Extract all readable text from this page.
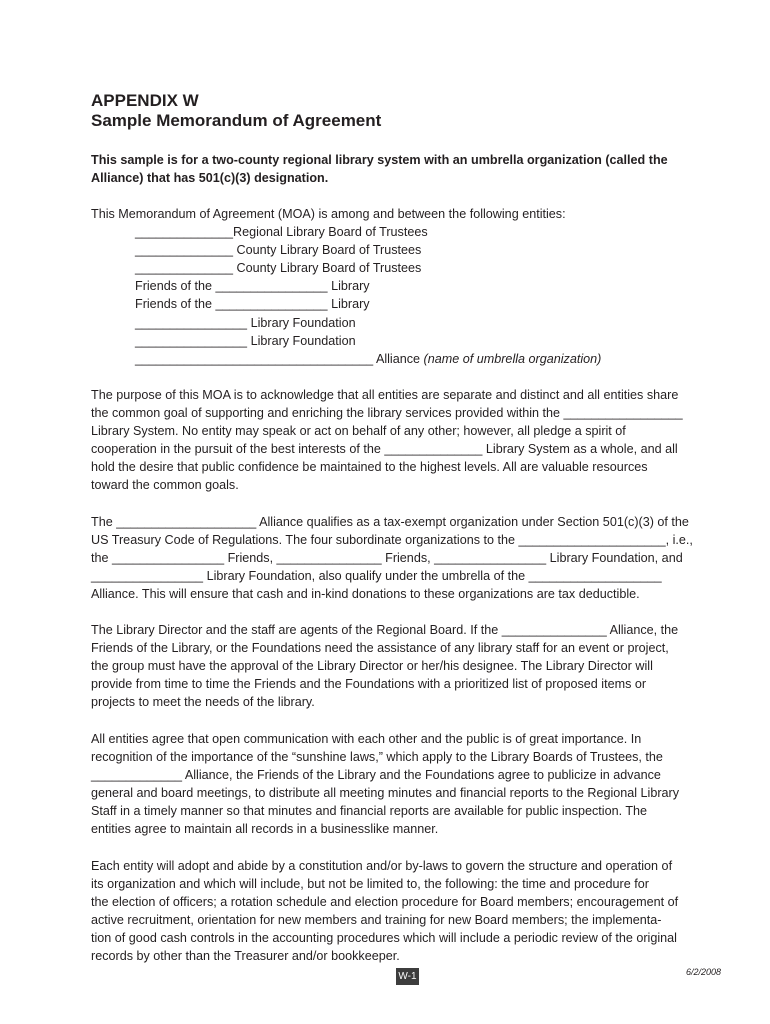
APPENDIX W
Sample Memorandum of Agreement
This sample is for a two-county regional library system with an umbrella organization (called the
Alliance) that has 501(c)(3) designation.
This Memorandum of Agreement (MOA) is among and between the following entities:
______________Regional Library Board of Trustees
______________ County Library Board of Trustees
______________ County Library Board of Trustees
Friends of the ________________ Library
Friends of the ________________ Library
________________ Library Foundation
________________ Library Foundation
__________________________________ Alliance (name of umbrella organization)
The purpose of this MOA is to acknowledge that all entities are separate and distinct and all entities share
the common goal of supporting and enriching the library services provided within the _________________
Library System. No entity may speak or act on behalf of any other; however, all pledge a spirit of
cooperation in the pursuit of the best interests of the ______________ Library System as a whole, and all
hold the desire that public confidence be maintained to the highest levels. All are valuable resources
toward the common goals.
The ____________________ Alliance qualifies as a tax-exempt organization under Section 501(c)(3) of the
US Treasury Code of Regulations. The four subordinate organizations to the _____________________, i.e.,
the ________________ Friends, _______________ Friends, ________________ Library Foundation, and
________________ Library Foundation, also qualify under the umbrella of the ___________________
Alliance. This will ensure that cash and in-kind donations to these organizations are tax deductible.
The Library Director and the staff are agents of the Regional Board. If the _______________ Alliance, the
Friends of the Library, or the Foundations need the assistance of any library staff for an event or project,
the group must have the approval of the Library Director or her/his designee. The Library Director will
provide from time to time the Friends and the Foundations with a prioritized list of proposed items or
projects to meet the needs of the library.
All entities agree that open communication with each other and the public is of great importance. In
recognition of the importance of the “sunshine laws,” which apply to the Library Boards of Trustees, the
_____________ Alliance, the Friends of the Library and the Foundations agree to publicize in advance
general and board meetings, to distribute all meeting minutes and financial reports to the Regional Library
Staff in a timely manner so that minutes and financial reports are available for public inspection. The
entities agree to maintain all records in a businesslike manner.
Each entity will adopt and abide by a constitution and/or by-laws to govern the structure and operation of
its organization and which will include, but not be limited to, the following: the time and procedure for
the election of officers; a rotation schedule and election procedure for Board members; encouragement of
active recruitment, orientation for new members and training for new Board members; the implementa-
tion of good cash controls in the accounting procedures which will include a periodic review of the original
records by other than the Treasurer and/or bookkeeper.
W-1	6/2/2008
